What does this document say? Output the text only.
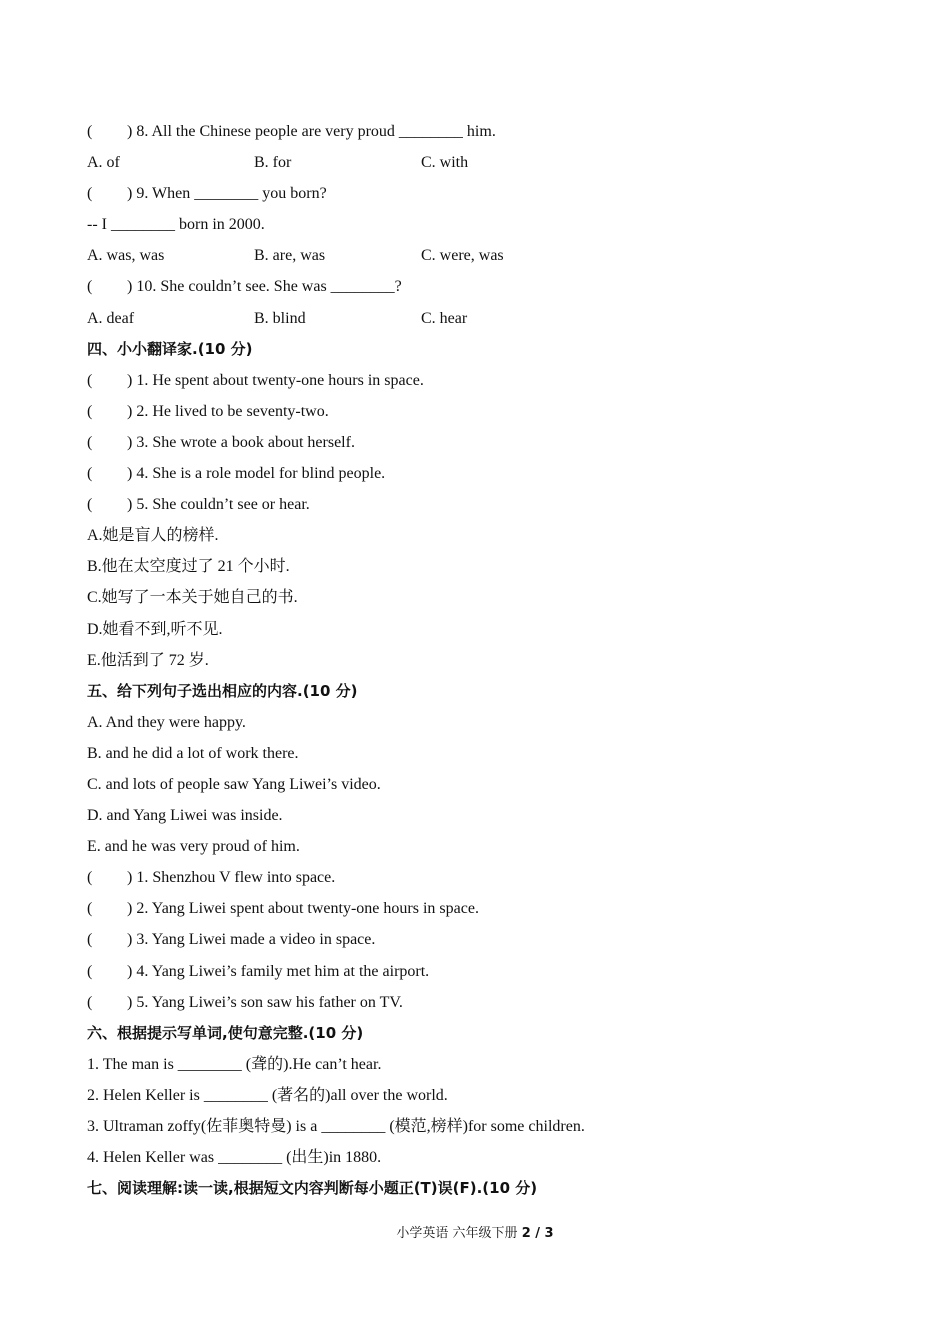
( ) 8. All the Chinese people are very proud ________ him.
A. of	B. for	C. with
( ) 9. When ________ you born?
-- I ________ born in 2000.
A. was, was	B. are, was	C. were, was
( ) 10. She couldn’t see. She was ________?
A. deaf	B. blind	C. hear
四、小小翻译家.(10 分)
( ) 1. He spent about twenty-one hours in space.
( ) 2. He lived to be seventy-two.
( ) 3. She wrote a book about herself.
( ) 4. She is a role model for blind people.
( ) 5. She couldn’t see or hear.
A.她是盲人的榜样.
B.他在太空度过了 21 个小时.
C.她写了一本关于她自己的书.
D.她看不到,听不见.
E.他活到了 72 岁.
五、给下列句子选出相应的内容.(10 分)
A. And they were happy.
B. and he did a lot of work there.
C. and lots of people saw Yang Liwei’s video.
D. and Yang Liwei was inside.
E. and he was very proud of him.
( ) 1. Shenzhou V flew into space.
( ) 2. Yang Liwei spent about twenty-one hours in space.
( ) 3. Yang Liwei made a video in space.
( ) 4. Yang Liwei’s family met him at the airport.
( ) 5. Yang Liwei’s son saw his father on TV.
六、根据提示写单词,使句意完整.(10 分)
1. The man is ________ (聋的).He can’t hear.
2. Helen Keller is ________ (著名的)all over the world.
3. Ultraman zoffy(佐菲奥特曼) is a ________ (模范,榜样)for some children.
4. Helen Keller was ________ (出生)in 1880.
七、阅读理解:读一读,根据短文内容判断每小题正(T)误(F).(10 分)
小学英语 六年级下册 2 / 3
